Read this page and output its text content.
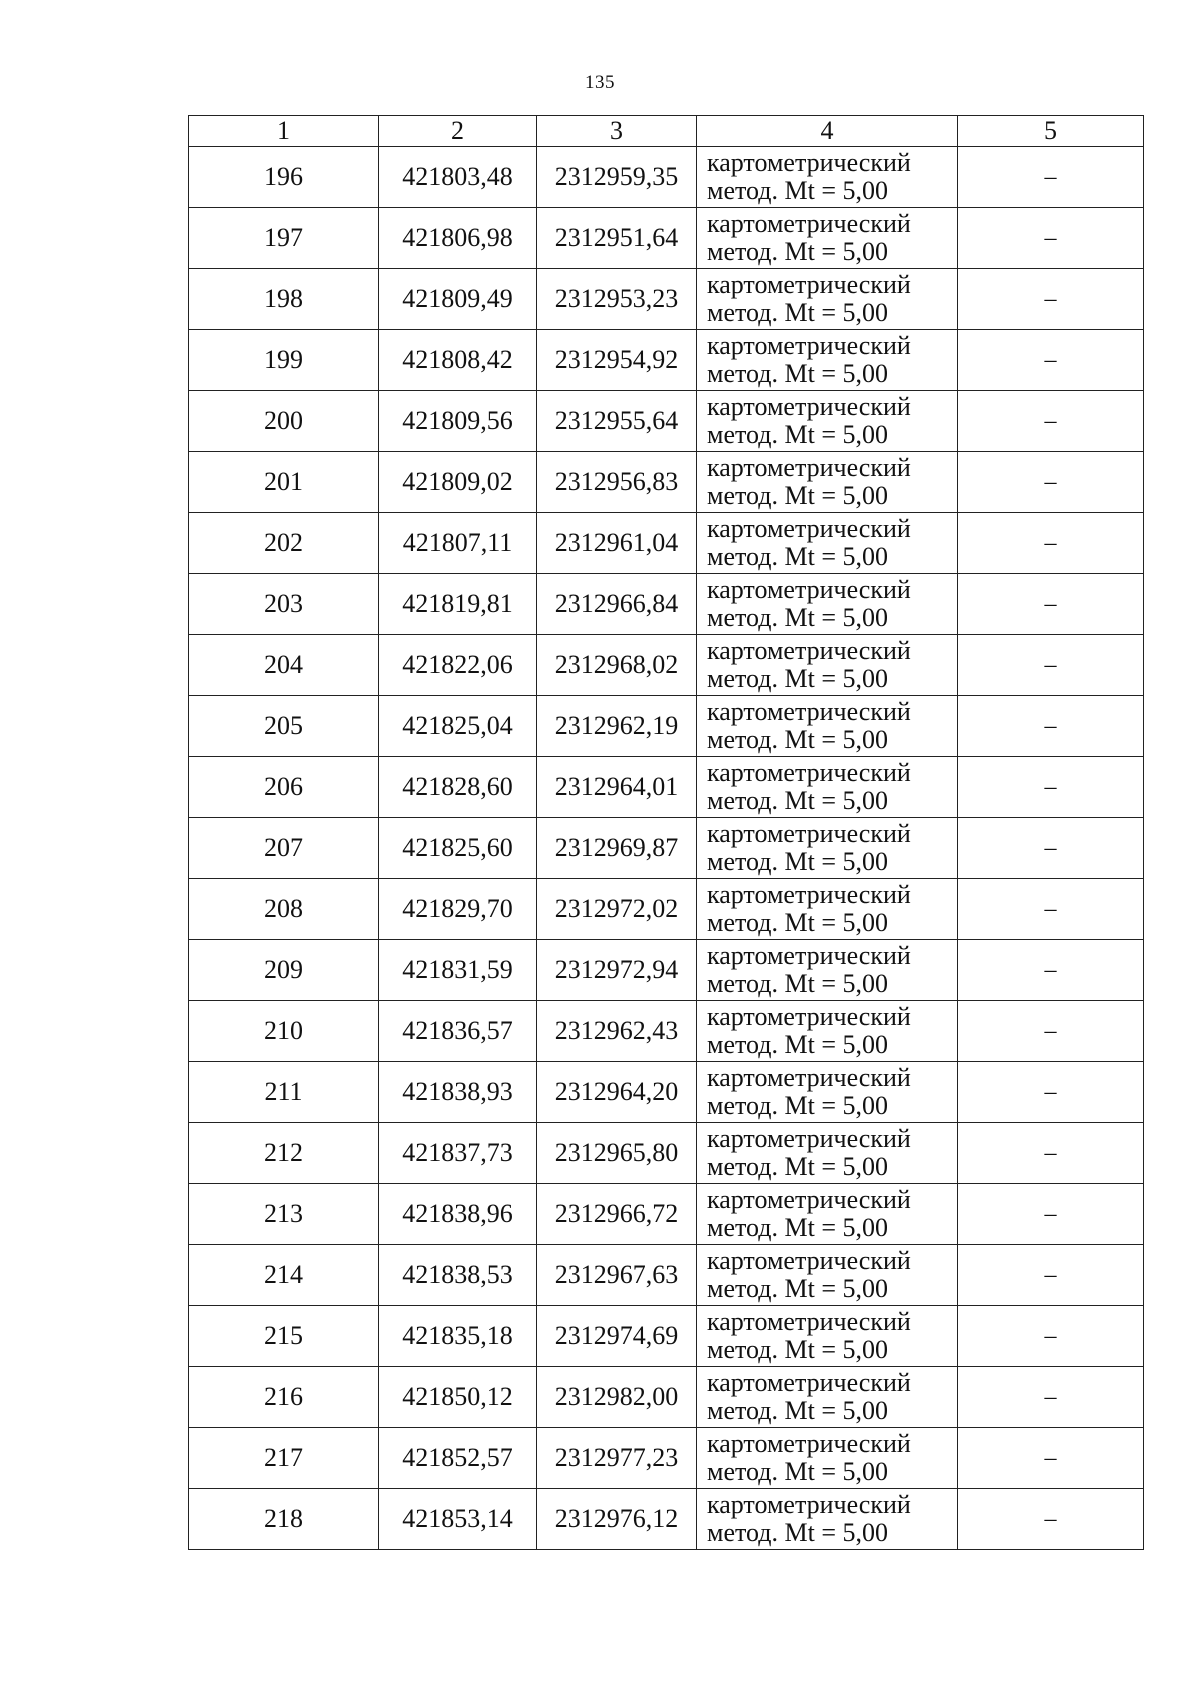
135
1	2	3	4	5
196	421803,48	2312959,35	картометрический
метод. Mt = 5,00	–
197	421806,98	2312951,64	картометрический
метод. Mt = 5,00	–
198	421809,49	2312953,23	картометрический
метод. Mt = 5,00	–
199	421808,42	2312954,92	картометрический
метод. Mt = 5,00	–
200	421809,56	2312955,64	картометрический
метод. Mt = 5,00	–
201	421809,02	2312956,83	картометрический
метод. Mt = 5,00	–
202	421807,11	2312961,04	картометрический
метод. Mt = 5,00	–
203	421819,81	2312966,84	картометрический
метод. Mt = 5,00	–
204	421822,06	2312968,02	картометрический
метод. Mt = 5,00	–
205	421825,04	2312962,19	картометрический
метод. Mt = 5,00	–
206	421828,60	2312964,01	картометрический
метод. Mt = 5,00	–
207	421825,60	2312969,87	картометрический
метод. Mt = 5,00	–
208	421829,70	2312972,02	картометрический
метод. Mt = 5,00	–
209	421831,59	2312972,94	картометрический
метод. Mt = 5,00	–
210	421836,57	2312962,43	картометрический
метод. Mt = 5,00	–
211	421838,93	2312964,20	картометрический
метод. Mt = 5,00	–
212	421837,73	2312965,80	картометрический
метод. Mt = 5,00	–
213	421838,96	2312966,72	картометрический
метод. Mt = 5,00	–
214	421838,53	2312967,63	картометрический
метод. Mt = 5,00	–
215	421835,18	2312974,69	картометрический
метод. Mt = 5,00	–
216	421850,12	2312982,00	картометрический
метод. Mt = 5,00	–
217	421852,57	2312977,23	картометрический
метод. Mt = 5,00	–
218	421853,14	2312976,12	картометрический
метод. Mt = 5,00	–
